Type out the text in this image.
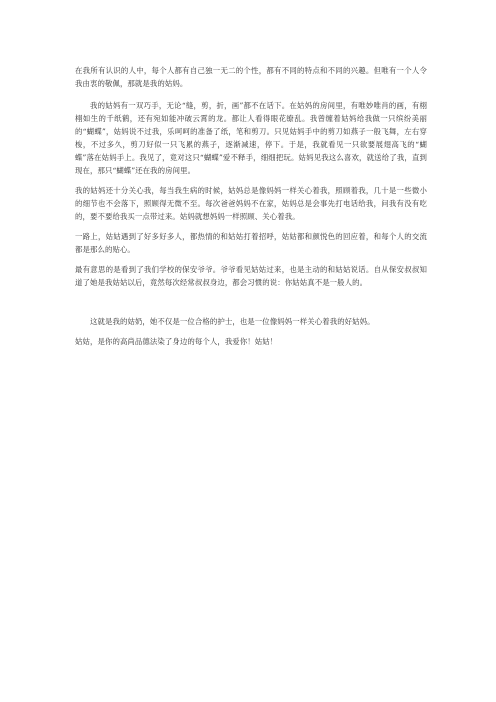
在我所有认识的人中，每个人都有自己独一无二的个性，都有不同的特点和不同的兴趣。但唯有一个人令我由衷的敬佩，那就是我的姑妈。

我的姑妈有一双巧手，无论“缝，剪，折，画”都不在话下。在姑妈的房间里，有唯妙唯肖的画，有栩栩如生的千纸鹤，还有宛如能冲破云霄的龙。都让人看得眼花缭乱。我曾缠着姑妈给我做一只缤纷美丽的“蝴蝶”，姑妈说不过我，乐呵呵的准备了纸，笔和剪刀。只见姑妈手中的剪刀如燕子一般飞舞，左右穿梭，不过多久，剪刀好似一只飞累的燕子，逐渐减速，停下。于是，我就看见一只欲要展翅高飞的“蝴蝶”落在姑妈手上。我见了，竟对这只“蝴蝶”爱不释手，细细把玩。姑妈见我这么喜欢，就送给了我，直到现在，那只“蝴蝶”还在我的房间里。

我的姑妈还十分关心我，每当我生病的时候，姑妈总是像妈妈一样关心着我，照顾着我，几十是一些微小的细节也不会落下，照顾得无微不至。每次爸爸妈妈不在家，姑妈总是会事先打电话给我，问我有没有吃的，要不要给我买一点带过来。姑妈就想妈妈一样照顾、关心着我。

一路上，姑姑遇到了好多好多人，都热情的和姑姑打着招呼，姑姑都和颜悦色的回应着，和每个人的交流都是那么的贴心。

最有意思的是看到了我们学校的保安爷爷。爷爷看见姑姑过来，也是主动的和姑姑说话。自从保安叔叔知道了她是我姑姑以后，竟然每次经常叔叔身边，都会习惯的说：你姑姑真不是一般人的。

这就是我的姑奶，她不仅是一位合格的护士，也是一位像妈妈一样关心着我的好姑妈。

姑姑，是你的高尚品德法染了身边的每个人，我爱你！姑姑！
